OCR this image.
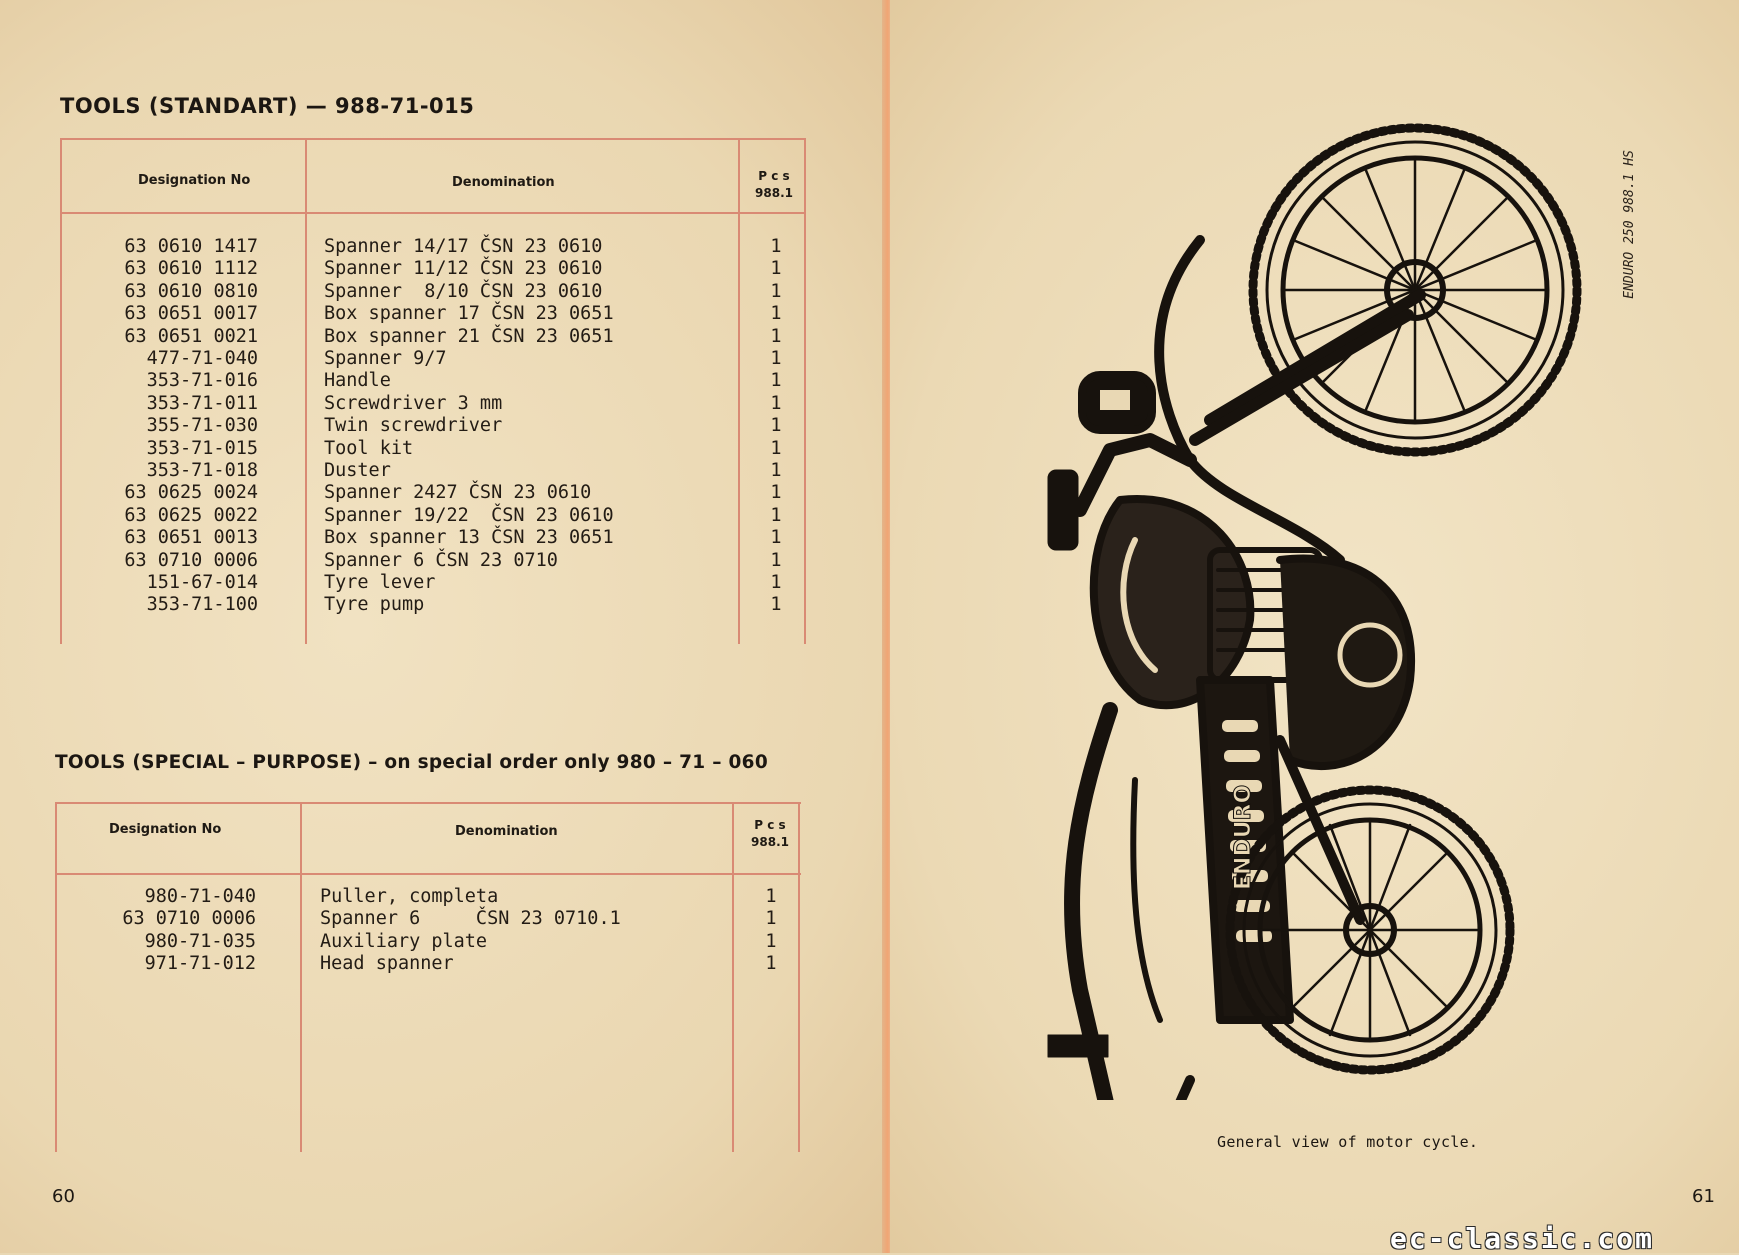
TOOLS (STANDART) — 988-71-015
Designation No	Denomination	P c s
988.1
63 0610 1417	Spanner 14/17 ČSN 23 0610	1
63 0610 1112	Spanner 11/12 ČSN 23 0610	1
63 0610 0810	Spanner  8/10 ČSN 23 0610	1
63 0651 0017	Box spanner 17 ČSN 23 0651	1
63 0651 0021	Box spanner 21 ČSN 23 0651	1
477-71-040	Spanner 9/7	1
353-71-016	Handle	1
353-71-011	Screwdriver 3 mm	1
355-71-030	Twin screwdriver	1
353-71-015	Tool kit	1
353-71-018	Duster	1
63 0625 0024	Spanner 2427 ČSN 23 0610	1
63 0625 0022	Spanner 19/22  ČSN 23 0610	1
63 0651 0013	Box spanner 13 ČSN 23 0651	1
63 0710 0006	Spanner 6 ČSN 23 0710	1
151-67-014	Tyre lever	1
353-71-100	Tyre pump	1
TOOLS (SPECIAL – PURPOSE) – on special order only 980 – 71 – 060
Designation No	Denomination	P c s
988.1
980-71-040	Puller, completa	1
63 0710 0006	Spanner 6     ČSN 23 0710.1	1
980-71-035	Auxiliary plate	1
971-71-012	Head spanner	1
60
ENDURO
ENDURO 250 988.1 HS
General view of motor cycle.
61
ec-classic.com
